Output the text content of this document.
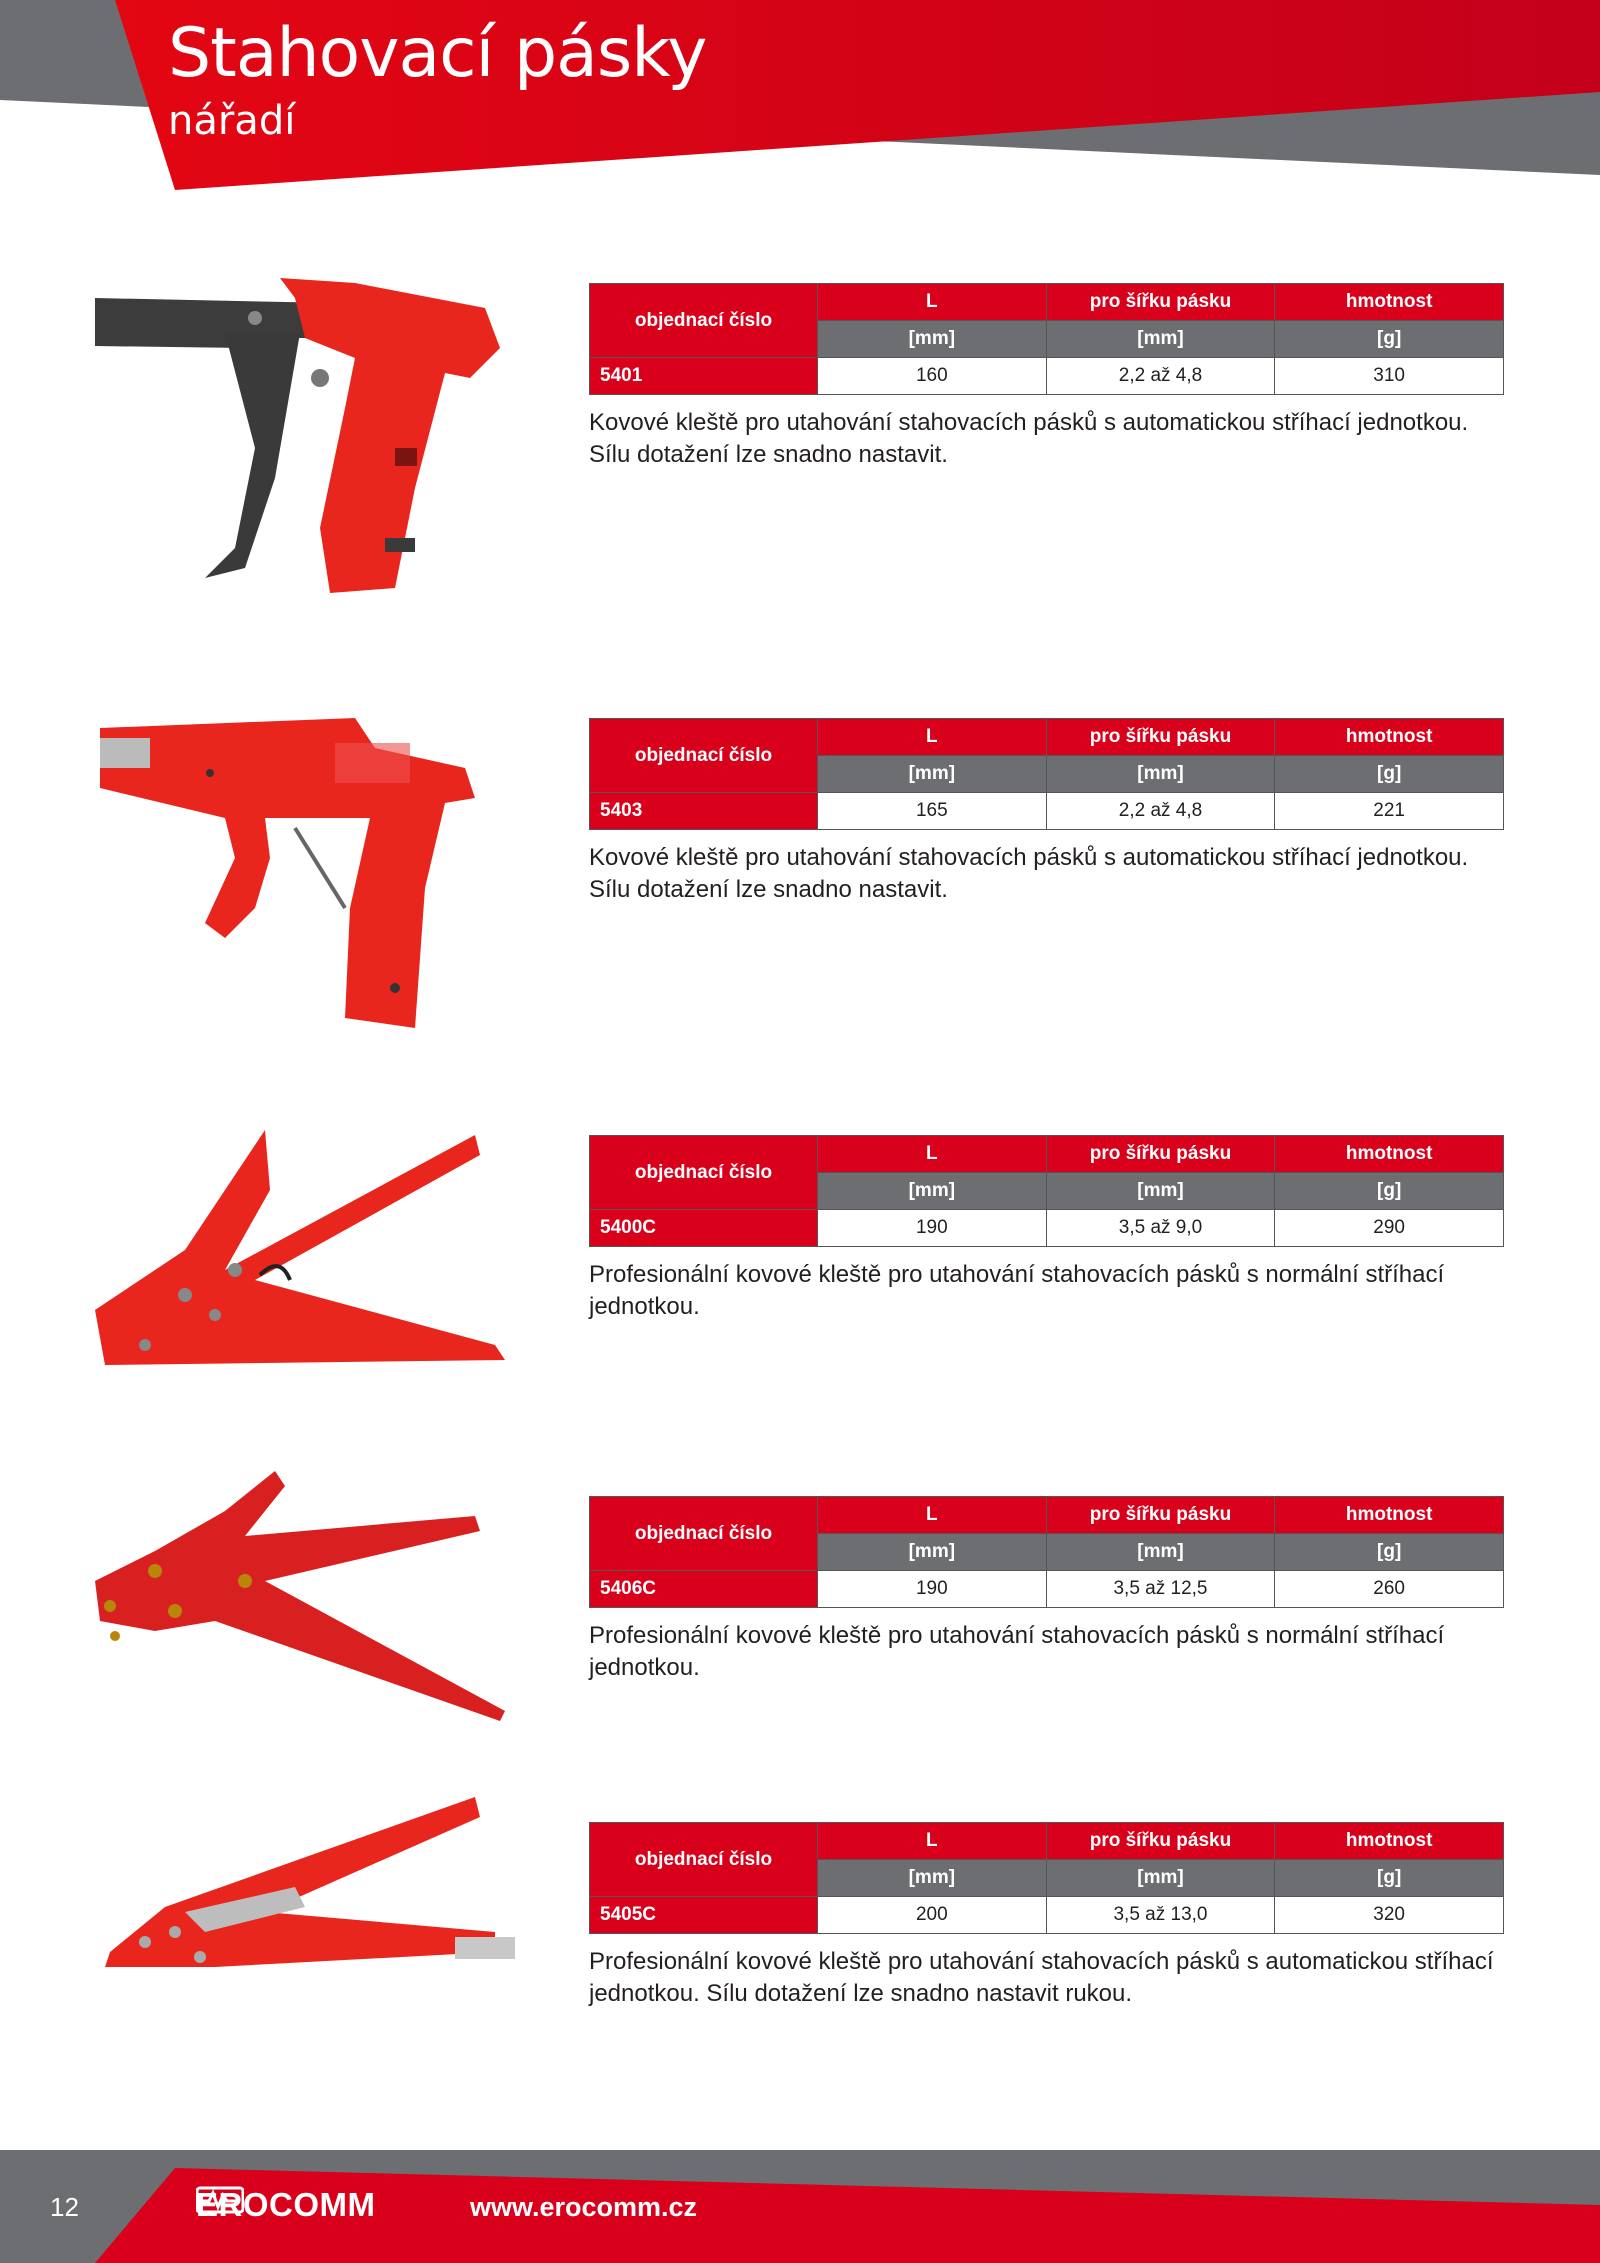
Stahovací pásky
nářadí
objednací číslo	L	pro šířku pásku	hmotnost
	[mm]	[mm]	[g]
5401	160	2,2 až 4,8	310

Kovové kleště pro utahování stahovacích pásků s automatickou stříhací jednotkou. Sílu dotažení lze snadno nastavit.

objednací číslo	L	pro šířku pásku	hmotnost
	[mm]	[mm]	[g]
5403	165	2,2 až 4,8	221

Kovové kleště pro utahování stahovacích pásků s automatickou stříhací jednotkou. Sílu dotažení lze snadno nastavit.

objednací číslo	L	pro šířku pásku	hmotnost
	[mm]	[mm]	[g]
5400C	190	3,5 až 9,0	290

Profesionální kovové kleště pro utahování stahovacích pásků s normální stříhací jednotkou.

objednací číslo	L	pro šířku pásku	hmotnost
	[mm]	[mm]	[g]
5406C	190	3,5 až 12,5	260

Profesionální kovové kleště pro utahování stahovacích pásků s normální stříhací jednotkou.

objednací číslo	L	pro šířku pásku	hmotnost
	[mm]	[mm]	[g]
5405C	200	3,5 až 13,0	320

Profesionální kovové kleště pro utahování stahovacích pásků s automatickou stříhací jednotkou. Sílu dotažení lze snadno nastavit rukou.

12	EROCOMM	www.erocomm.cz
